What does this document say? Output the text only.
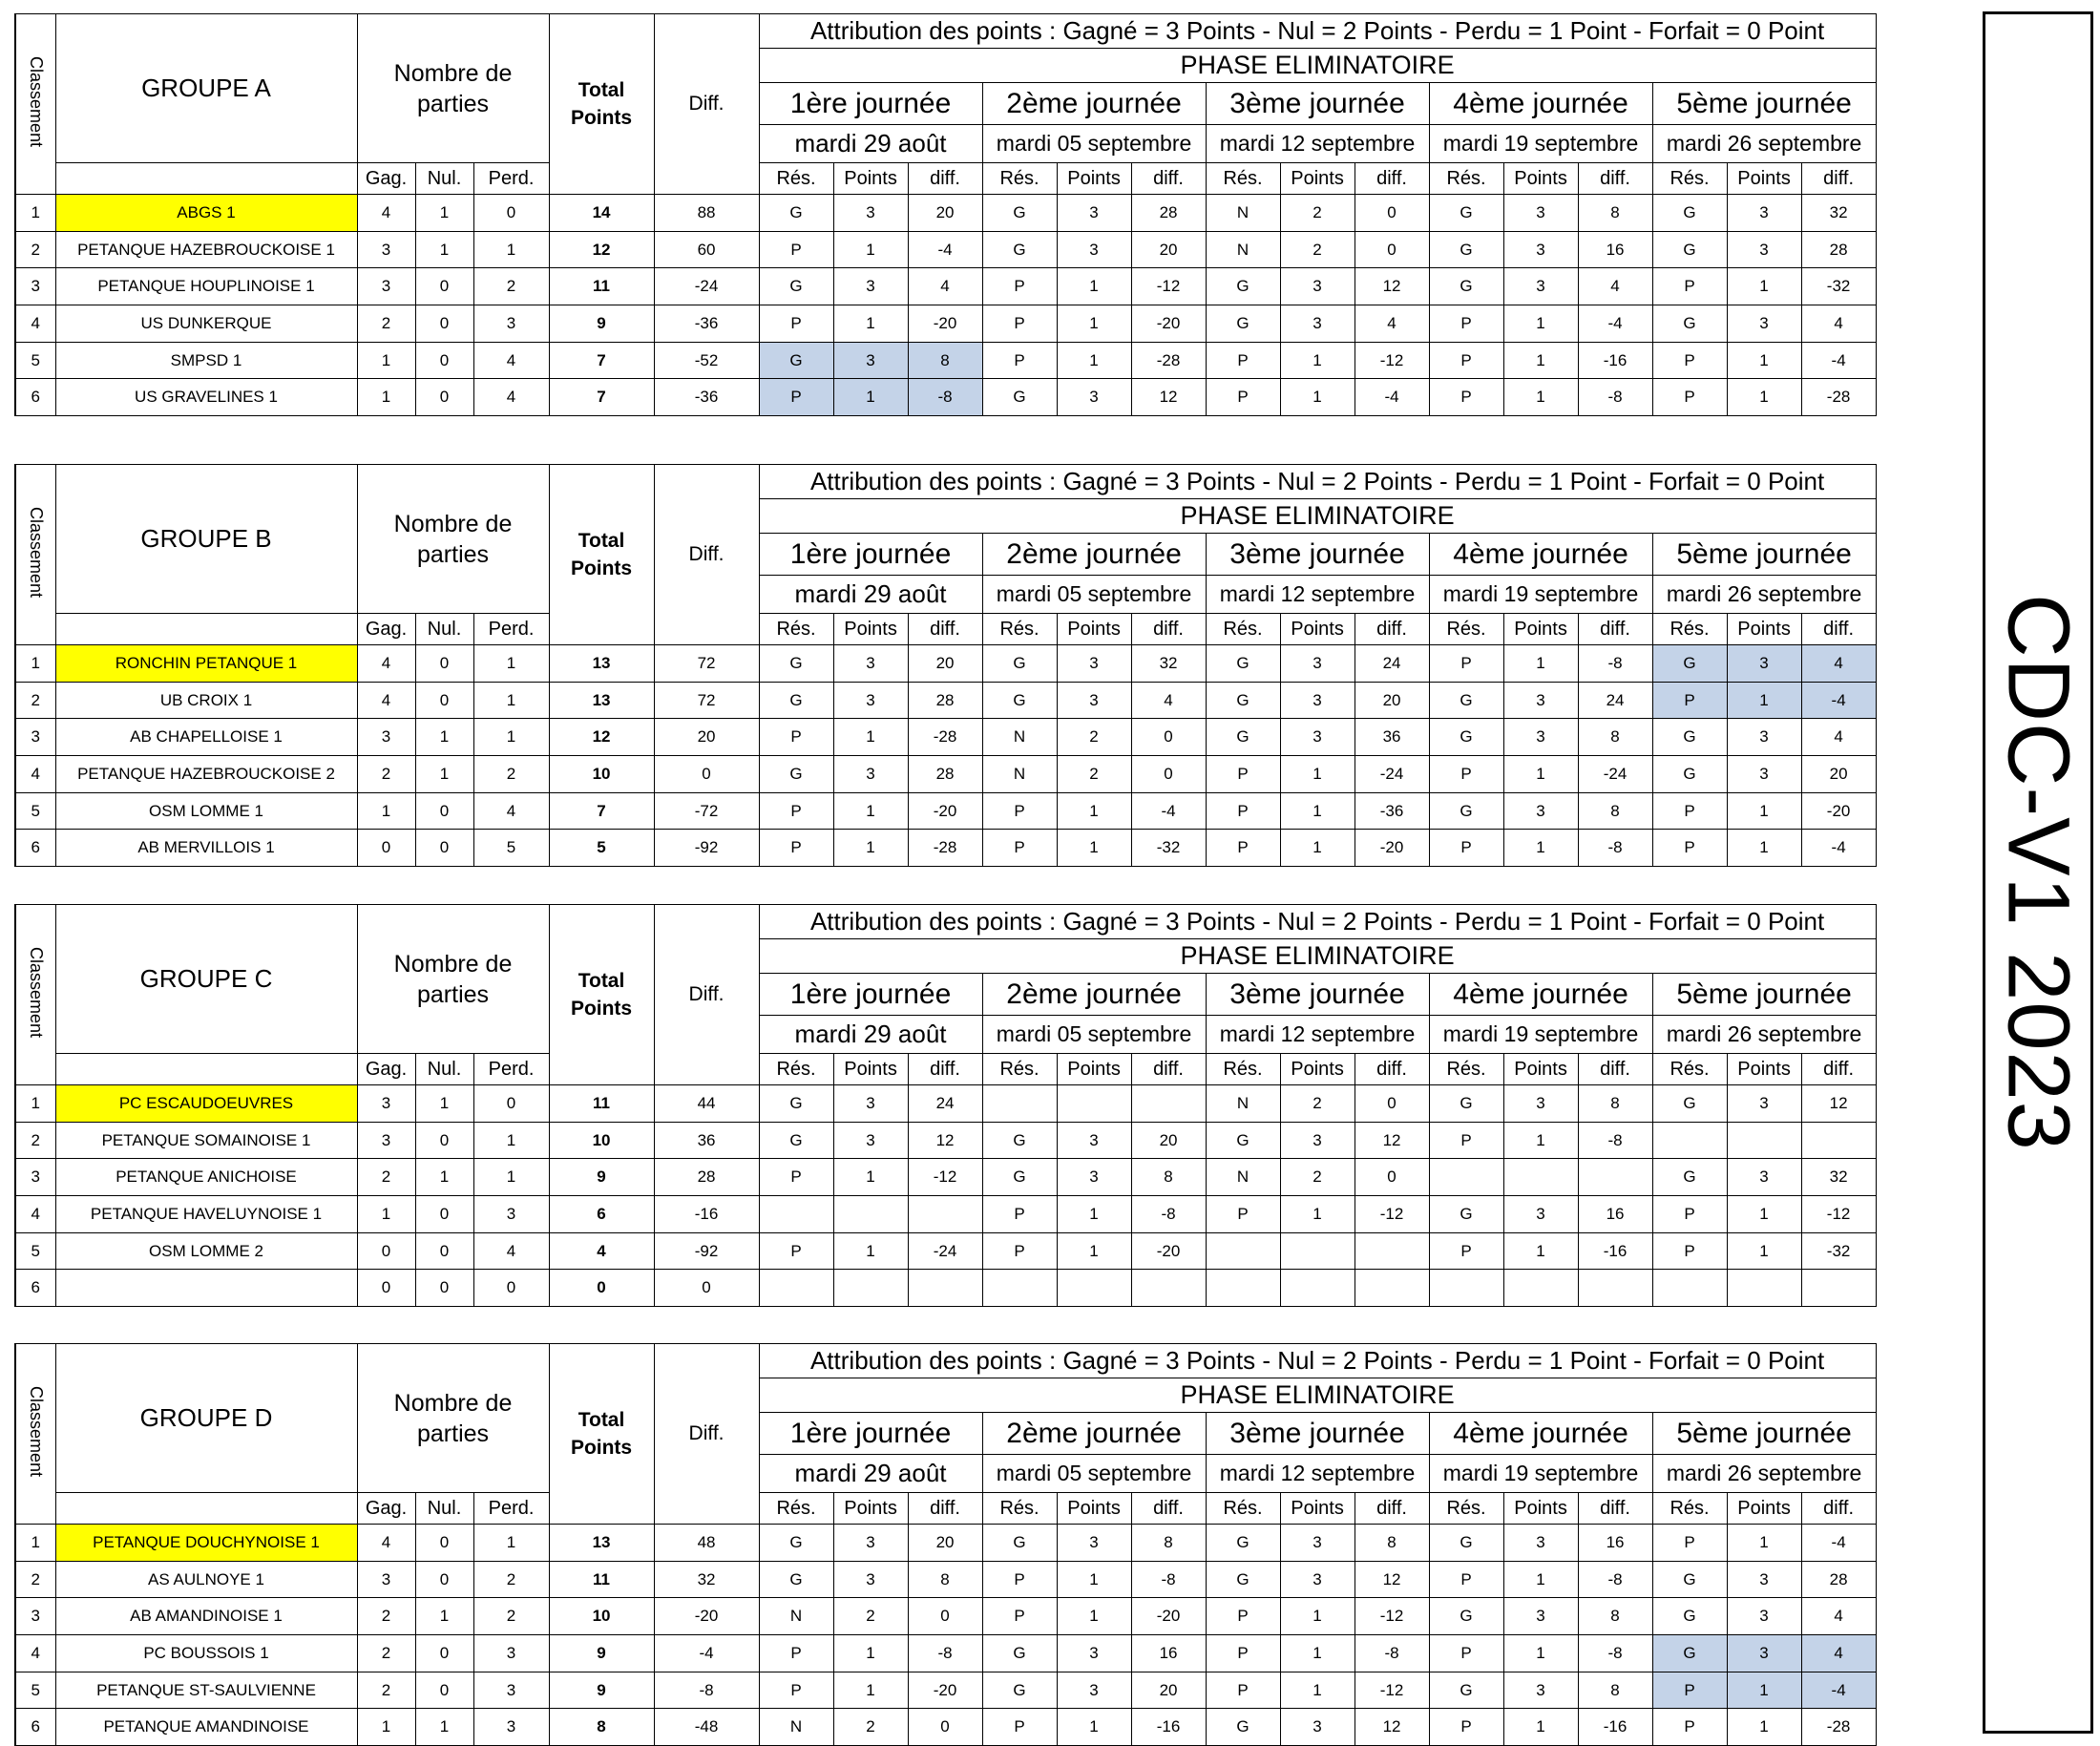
Classement	GROUPE A	Nombre de parties			Total Points	Diff.	Attribution des points : Gagné = 3 Points - Nul = 2 Points - Perdu = 1 Point - Forfait = 0 Point														
							PHASE ELIMINATOIRE														
							1ère journée			2ème journée			3ème journée			4ème journée			5ème journée		
							mardi 29 août			mardi 05 septembre			mardi 12 septembre			mardi 19 septembre			mardi 26 septembre		
		Gag.	Nul.	Perd.			Rés.	Points	diff.	Rés.	Points	diff.	Rés.	Points	diff.	Rés.	Points	diff.	Rés.	Points	diff.
1	ABGS 1	4	1	0	14	88	G	3	20	G	3	28	N	2	0	G	3	8	G	3	32
2	PETANQUE HAZEBROUCKOISE 1	3	1	1	12	60	P	1	-4	G	3	20	N	2	0	G	3	16	G	3	28
3	PETANQUE HOUPLINOISE 1	3	0	2	11	-24	G	3	4	P	1	-12	G	3	12	G	3	4	P	1	-32
4	US DUNKERQUE	2	0	3	9	-36	P	1	-20	P	1	-20	G	3	4	P	1	-4	G	3	4
5	SMPSD 1	1	0	4	7	-52	G	3	8	P	1	-28	P	1	-12	P	1	-16	P	1	-4
6	US GRAVELINES 1	1	0	4	7	-36	P	1	-8	G	3	12	P	1	-4	P	1	-8	P	1	-28
Classement	GROUPE B	Nombre de parties			Total Points	Diff.	Attribution des points : Gagné = 3 Points - Nul = 2 Points - Perdu = 1 Point - Forfait = 0 Point														
							PHASE ELIMINATOIRE														
							1ère journée			2ème journée			3ème journée			4ème journée			5ème journée		
							mardi 29 août			mardi 05 septembre			mardi 12 septembre			mardi 19 septembre			mardi 26 septembre		
		Gag.	Nul.	Perd.			Rés.	Points	diff.	Rés.	Points	diff.	Rés.	Points	diff.	Rés.	Points	diff.	Rés.	Points	diff.
1	RONCHIN PETANQUE 1	4	0	1	13	72	G	3	20	G	3	32	G	3	24	P	1	-8	G	3	4
2	UB CROIX 1	4	0	1	13	72	G	3	28	G	3	4	G	3	20	G	3	24	P	1	-4
3	AB CHAPELLOISE 1	3	1	1	12	20	P	1	-28	N	2	0	G	3	36	G	3	8	G	3	4
4	PETANQUE HAZEBROUCKOISE 2	2	1	2	10	0	G	3	28	N	2	0	P	1	-24	P	1	-24	G	3	20
5	OSM LOMME 1	1	0	4	7	-72	P	1	-20	P	1	-4	P	1	-36	G	3	8	P	1	-20
6	AB MERVILLOIS 1	0	0	5	5	-92	P	1	-28	P	1	-32	P	1	-20	P	1	-8	P	1	-4
Classement	GROUPE C	Nombre de parties			Total Points	Diff.	Attribution des points : Gagné = 3 Points - Nul = 2 Points - Perdu = 1 Point - Forfait = 0 Point														
							PHASE ELIMINATOIRE														
							1ère journée			2ème journée			3ème journée			4ème journée			5ème journée		
							mardi 29 août			mardi 05 septembre			mardi 12 septembre			mardi 19 septembre			mardi 26 septembre		
		Gag.	Nul.	Perd.			Rés.	Points	diff.	Rés.	Points	diff.	Rés.	Points	diff.	Rés.	Points	diff.	Rés.	Points	diff.
1	PC ESCAUDOEUVRES	3	1	0	11	44	G	3	24				N	2	0	G	3	8	G	3	12
2	PETANQUE SOMAINOISE 1	3	0	1	10	36	G	3	12	G	3	20	G	3	12	P	1	-8			
3	PETANQUE ANICHOISE	2	1	1	9	28	P	1	-12	G	3	8	N	2	0				G	3	32
4	PETANQUE HAVELUYNOISE 1	1	0	3	6	-16				P	1	-8	P	1	-12	G	3	16	P	1	-12
5	OSM LOMME 2	0	0	4	4	-92	P	1	-24	P	1	-20				P	1	-16	P	1	-32
6		0	0	0	0	0															
Classement	GROUPE D	Nombre de parties			Total Points	Diff.	Attribution des points : Gagné = 3 Points - Nul = 2 Points - Perdu = 1 Point - Forfait = 0 Point														
							PHASE ELIMINATOIRE														
							1ère journée			2ème journée			3ème journée			4ème journée			5ème journée		
							mardi 29 août			mardi 05 septembre			mardi 12 septembre			mardi 19 septembre			mardi 26 septembre		
		Gag.	Nul.	Perd.			Rés.	Points	diff.	Rés.	Points	diff.	Rés.	Points	diff.	Rés.	Points	diff.	Rés.	Points	diff.
1	PETANQUE DOUCHYNOISE 1	4	0	1	13	48	G	3	20	G	3	8	G	3	8	G	3	16	P	1	-4
2	AS AULNOYE 1	3	0	2	11	32	G	3	8	P	1	-8	G	3	12	P	1	-8	G	3	28
3	AB AMANDINOISE 1	2	1	2	10	-20	N	2	0	P	1	-20	P	1	-12	G	3	8	G	3	4
4	PC BOUSSOIS 1	2	0	3	9	-4	P	1	-8	G	3	16	P	1	-8	P	1	-8	G	3	4
5	PETANQUE ST-SAULVIENNE	2	0	3	9	-8	P	1	-20	G	3	20	P	1	-12	G	3	8	P	1	-4
6	PETANQUE AMANDINOISE	1	1	3	8	-48	N	2	0	P	1	-16	G	3	12	P	1	-16	P	1	-28
CDC-V1 2023
